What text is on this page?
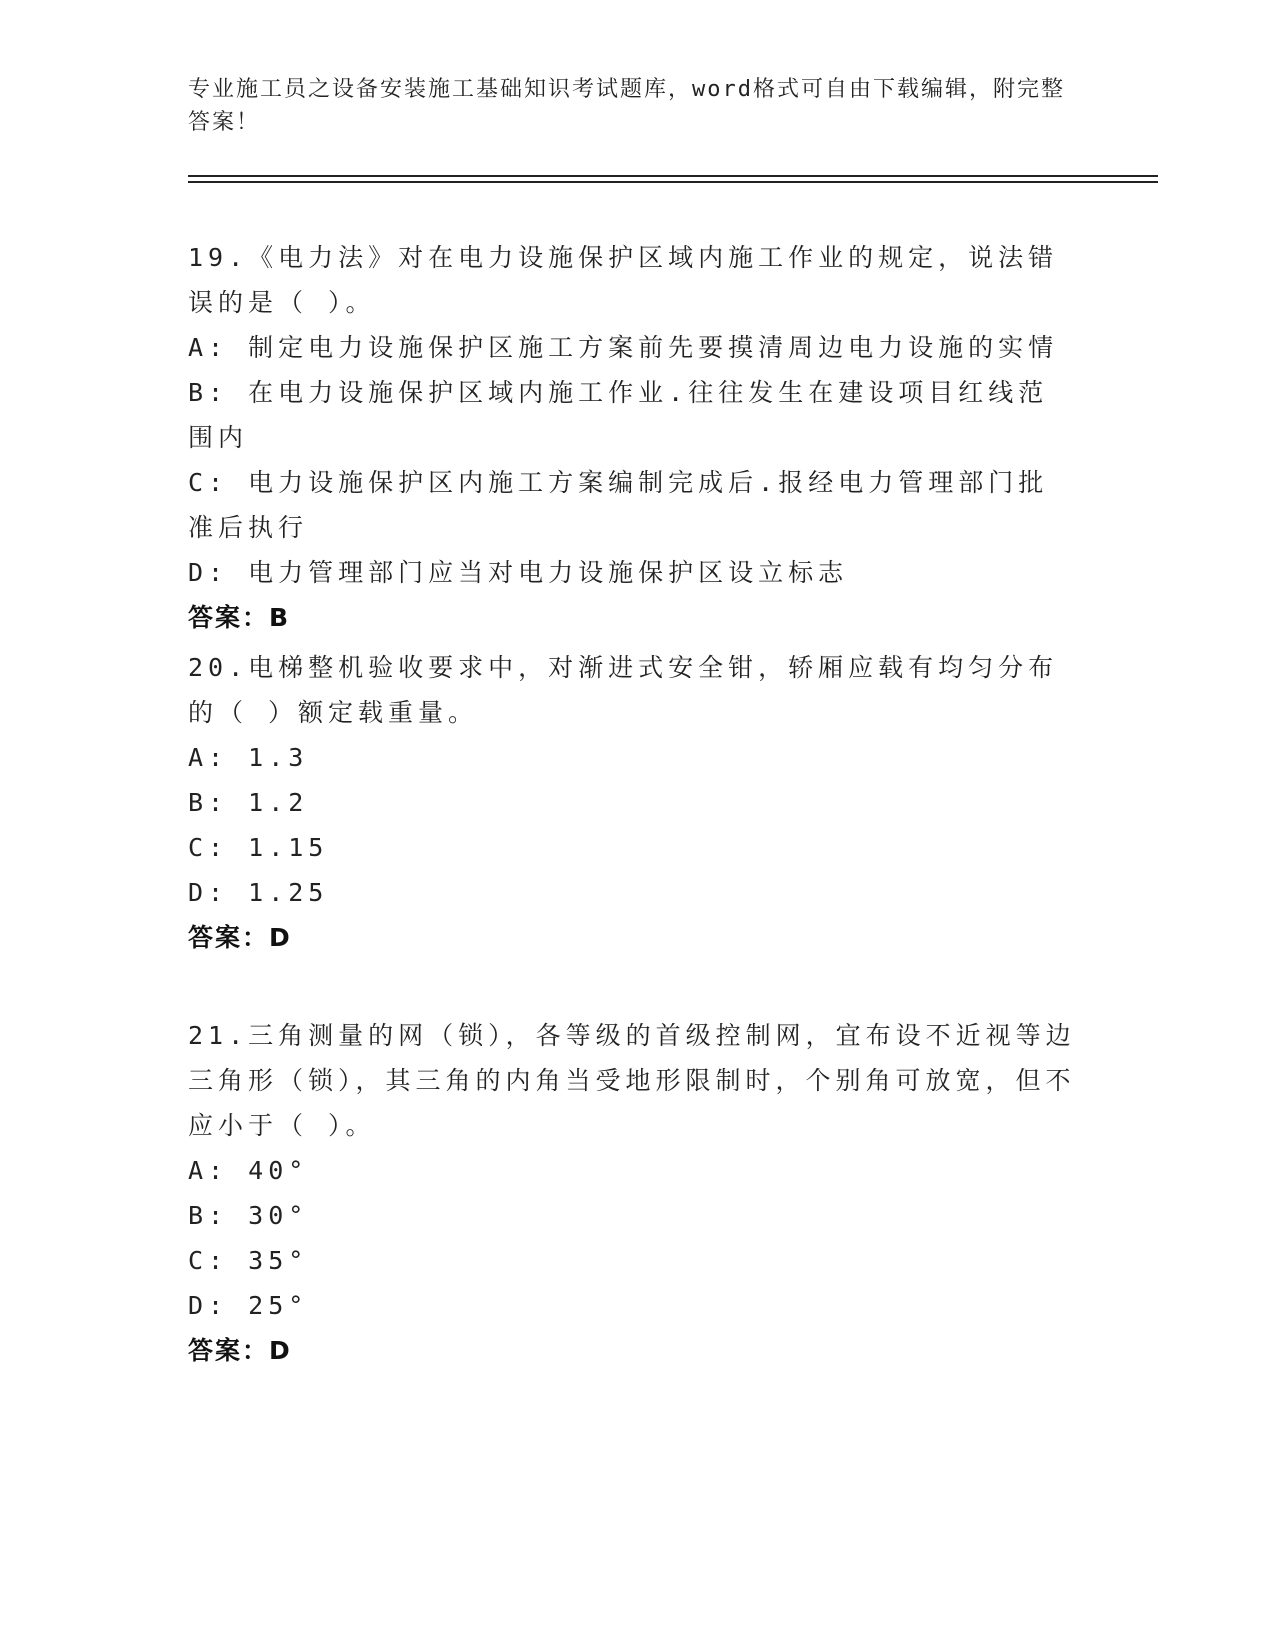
专业施工员之设备安装施工基础知识考试题库，word格式可自由下载编辑，附完整答案！

19.《电力法》对在电力设施保护区域内施工作业的规定，说法错误的是（ ）。

A: 制定电力设施保护区施工方案前先要摸清周边电力设施的实情

B: 在电力设施保护区域内施工作业.往往发生在建设项目红线范围内

C: 电力设施保护区内施工方案编制完成后.报经电力管理部门批准后执行

D: 电力管理部门应当对电力设施保护区设立标志

答案：B

20.电梯整机验收要求中，对渐进式安全钳，轿厢应载有均匀分布的（ ）额定载重量。

A: 1.3

B: 1.2

C: 1.15

D: 1.25

答案：D

21.三角测量的网（锁），各等级的首级控制网，宜布设不近视等边三角形（锁），其三角的内角当受地形限制时，个别角可放宽，但不应小于（ ）。

A: 40°

B: 30°

C: 35°

D: 25°

答案：D
